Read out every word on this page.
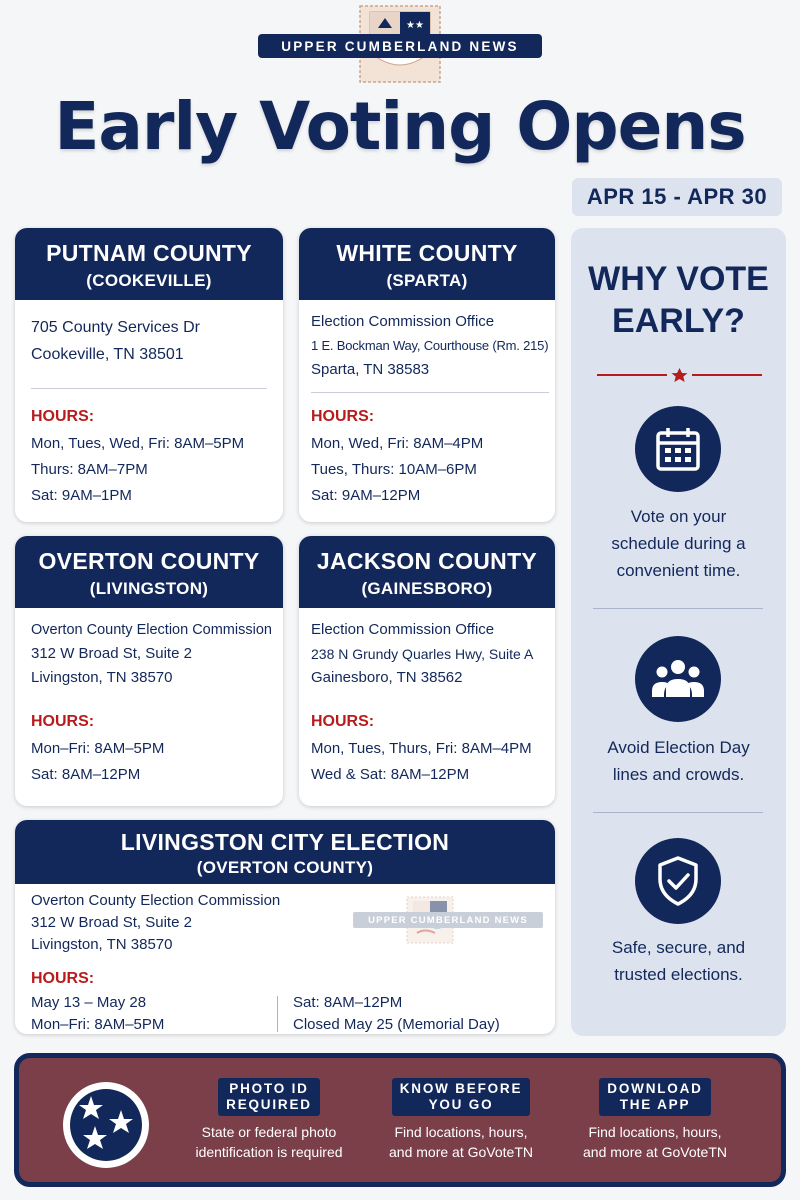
★★
UPPER CUMBERLAND NEWS
Early Voting Opens
APR 15 - APR 30
PUTNAM COUNTY
(COOKEVILLE)
705 County Services Dr
Cookeville, TN 38501
HOURS:
Mon, Tues, Wed, Fri: 8AM–5PM
Thurs: 8AM–7PM
Sat: 9AM–1PM
WHITE COUNTY
(SPARTA)
Election Commission Office
1 E. Bockman Way, Courthouse (Rm. 215)
Sparta, TN 38583
HOURS:
Mon, Wed, Fri: 8AM–4PM
Tues, Thurs: 10AM–6PM
Sat: 9AM–12PM
OVERTON COUNTY
(LIVINGSTON)
Overton County Election Commission
312 W Broad St, Suite 2
Livingston, TN 38570
HOURS:
Mon–Fri: 8AM–5PM
Sat: 8AM–12PM
JACKSON COUNTY
(GAINESBORO)
Election Commission Office
238 N Grundy Quarles Hwy, Suite A
Gainesboro, TN 38562
HOURS:
Mon, Tues, Thurs, Fri: 8AM–4PM
Wed & Sat: 8AM–12PM
LIVINGSTON CITY ELECTION
(OVERTON COUNTY)
Overton County Election Commission
312 W Broad St, Suite 2
Livingston, TN 38570
HOURS:
May 13 – May 28
Mon–Fri: 8AM–5PM
Sat: 8AM–12PM
Closed May 25 (Memorial Day)
UPPER CUMBERLAND NEWS
WHY VOTE
EARLY?
Vote on your
schedule during a
convenient time.
Avoid Election Day
lines and crowds.
Safe, secure, and
trusted elections.
PHOTO ID
REQUIRED
State or federal photo
identification is required
KNOW BEFORE
YOU GO
Find locations, hours,
and more at GoVoteTN
DOWNLOAD
THE APP
Find locations, hours,
and more at GoVoteTN
